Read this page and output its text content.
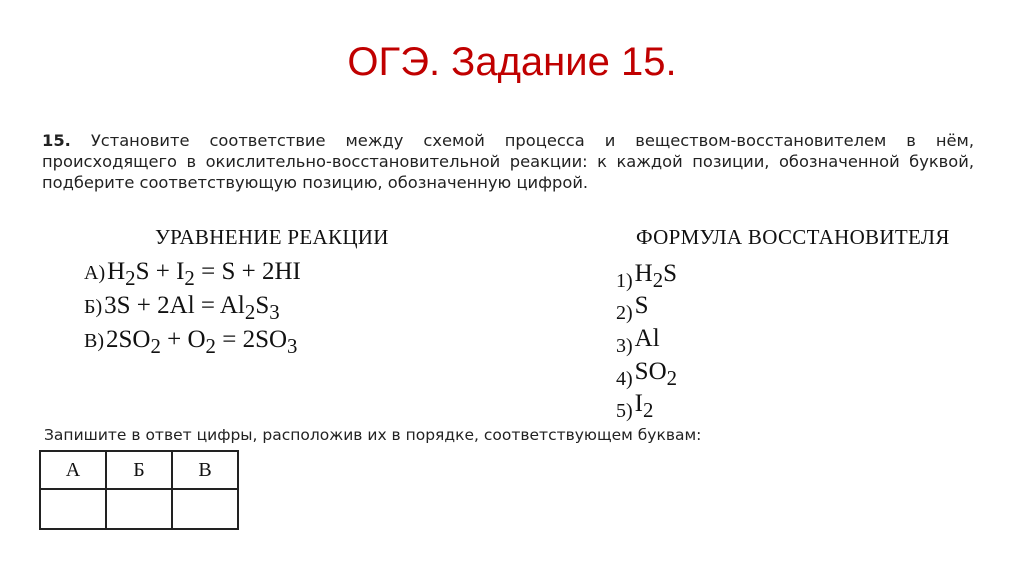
ОГЭ. Задание 15.
15. Установите соответствие между схемой процесса и веществом-восстановителем в нём, происходящего в окислительно-восстановительной реакции: к каждой позиции, обозначенной буквой, подберите соответствующую позицию, обозначенную цифрой.
УРАВНЕНИЕ РЕАКЦИИ	ФОРМУЛА ВОССТАНОВИТЕЛЯ
$А)H_2S + I_2 = S + 2HI$
$Б)3S + 2Al = Al_2S_3$
$В)2SO_2 + O_2 = 2SO_3$
$1)H_2S$
2)S
3)Al
$4)SO_2$
$5)I_2$
Запишите в ответ цифры, расположив их в порядке, соответствующем буквам:
А	Б	В
